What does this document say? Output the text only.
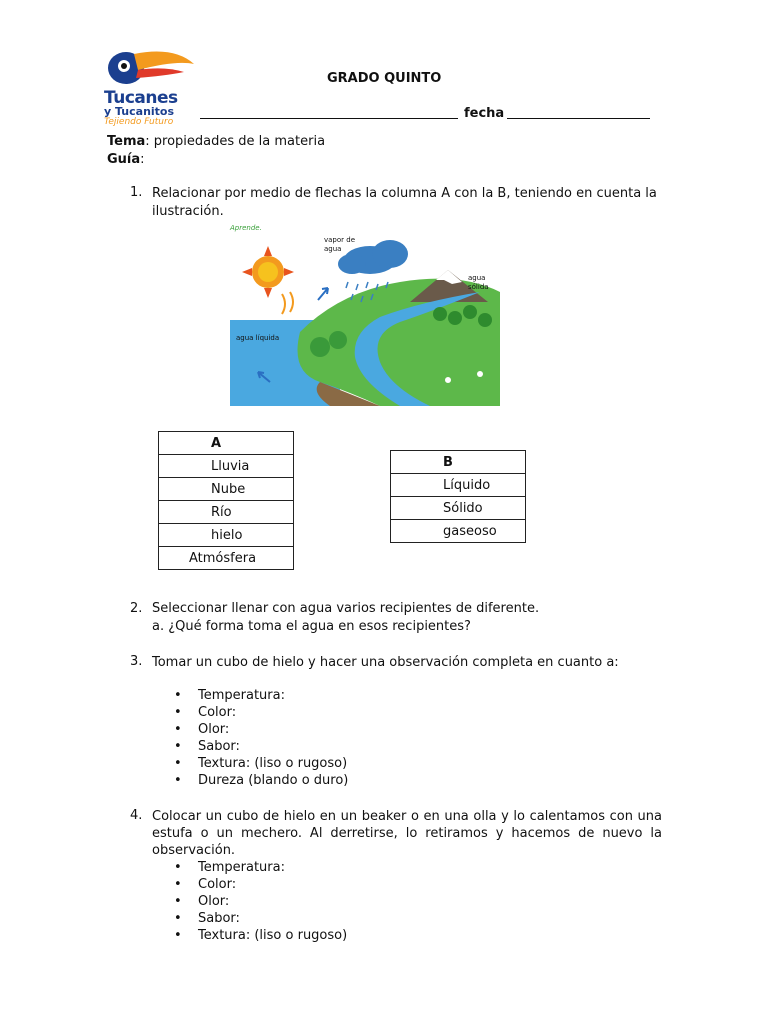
Tucanes
y Tucanitos
Tejiendo Futuro
GRADO QUINTO
fecha
Tema: propiedades de la materia
Guía:
1. Relacionar por medio de flechas la columna A con la B, teniendo en cuenta la ilustración.
Aprende.
vapor de agua
agua sólida
agua líquida
A
Lluvia
Nube
Río
hielo
Atmósfera
B
Líquido
Sólido
gaseoso
2. Seleccionar llenar con agua varios recipientes de diferente.
a. ¿Qué forma toma el agua en esos recipientes?
3. Tomar un cubo de hielo y hacer una observación completa en cuanto a:
• Temperatura:
• Color:
• Olor:
• Sabor:
• Textura: (liso o rugoso)
• Dureza (blando o duro)
4. Colocar un cubo de hielo en un beaker o en una olla y lo calentamos con una estufa o un mechero. Al derretirse, lo retiramos y hacemos de nuevo la observación.
• Temperatura:
• Color:
• Olor:
• Sabor:
• Textura: (liso o rugoso)
